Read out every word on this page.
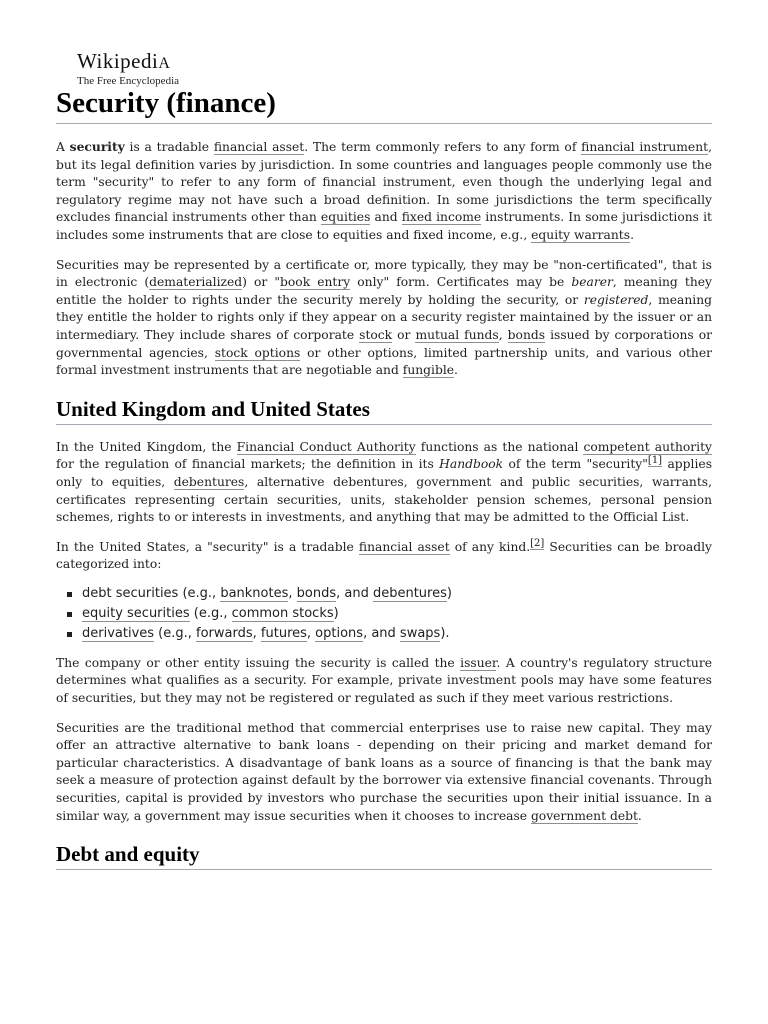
WikipediA
The Free Encyclopedia
Security (finance)

A security is a tradable financial asset. The term commonly refers to any form of financial instrument, but its legal definition varies by jurisdiction. In some countries and languages people commonly use the term "security" to refer to any form of financial instrument, even though the underlying legal and regulatory regime may not have such a broad definition. In some jurisdictions the term specifically excludes financial instruments other than equities and fixed income instruments. In some jurisdictions it includes some instruments that are close to equities and fixed income, e.g., equity warrants.

Securities may be represented by a certificate or, more typically, they may be "non-certificated", that is in electronic (dematerialized) or "book entry only" form. Certificates may be bearer, meaning they entitle the holder to rights under the security merely by holding the security, or registered, meaning they entitle the holder to rights only if they appear on a security register maintained by the issuer or an intermediary. They include shares of corporate stock or mutual funds, bonds issued by corporations or governmental agencies, stock options or other options, limited partnership units, and various other formal investment instruments that are negotiable and fungible.

United Kingdom and United States

In the United Kingdom, the Financial Conduct Authority functions as the national competent authority for the regulation of financial markets; the definition in its Handbook of the term "security"[1] applies only to equities, debentures, alternative debentures, government and public securities, warrants, certificates representing certain securities, units, stakeholder pension schemes, personal pension schemes, rights to or interests in investments, and anything that may be admitted to the Official List.

In the United States, a "security" is a tradable financial asset of any kind.[2] Securities can be broadly categorized into:

debt securities (e.g., banknotes, bonds, and debentures)
equity securities (e.g., common stocks)
derivatives (e.g., forwards, futures, options, and swaps).

The company or other entity issuing the security is called the issuer. A country's regulatory structure determines what qualifies as a security. For example, private investment pools may have some features of securities, but they may not be registered or regulated as such if they meet various restrictions.

Securities are the traditional method that commercial enterprises use to raise new capital. They may offer an attractive alternative to bank loans - depending on their pricing and market demand for particular characteristics. A disadvantage of bank loans as a source of financing is that the bank may seek a measure of protection against default by the borrower via extensive financial covenants. Through securities, capital is provided by investors who purchase the securities upon their initial issuance. In a similar way, a government may issue securities when it chooses to increase government debt.

Debt and equity
